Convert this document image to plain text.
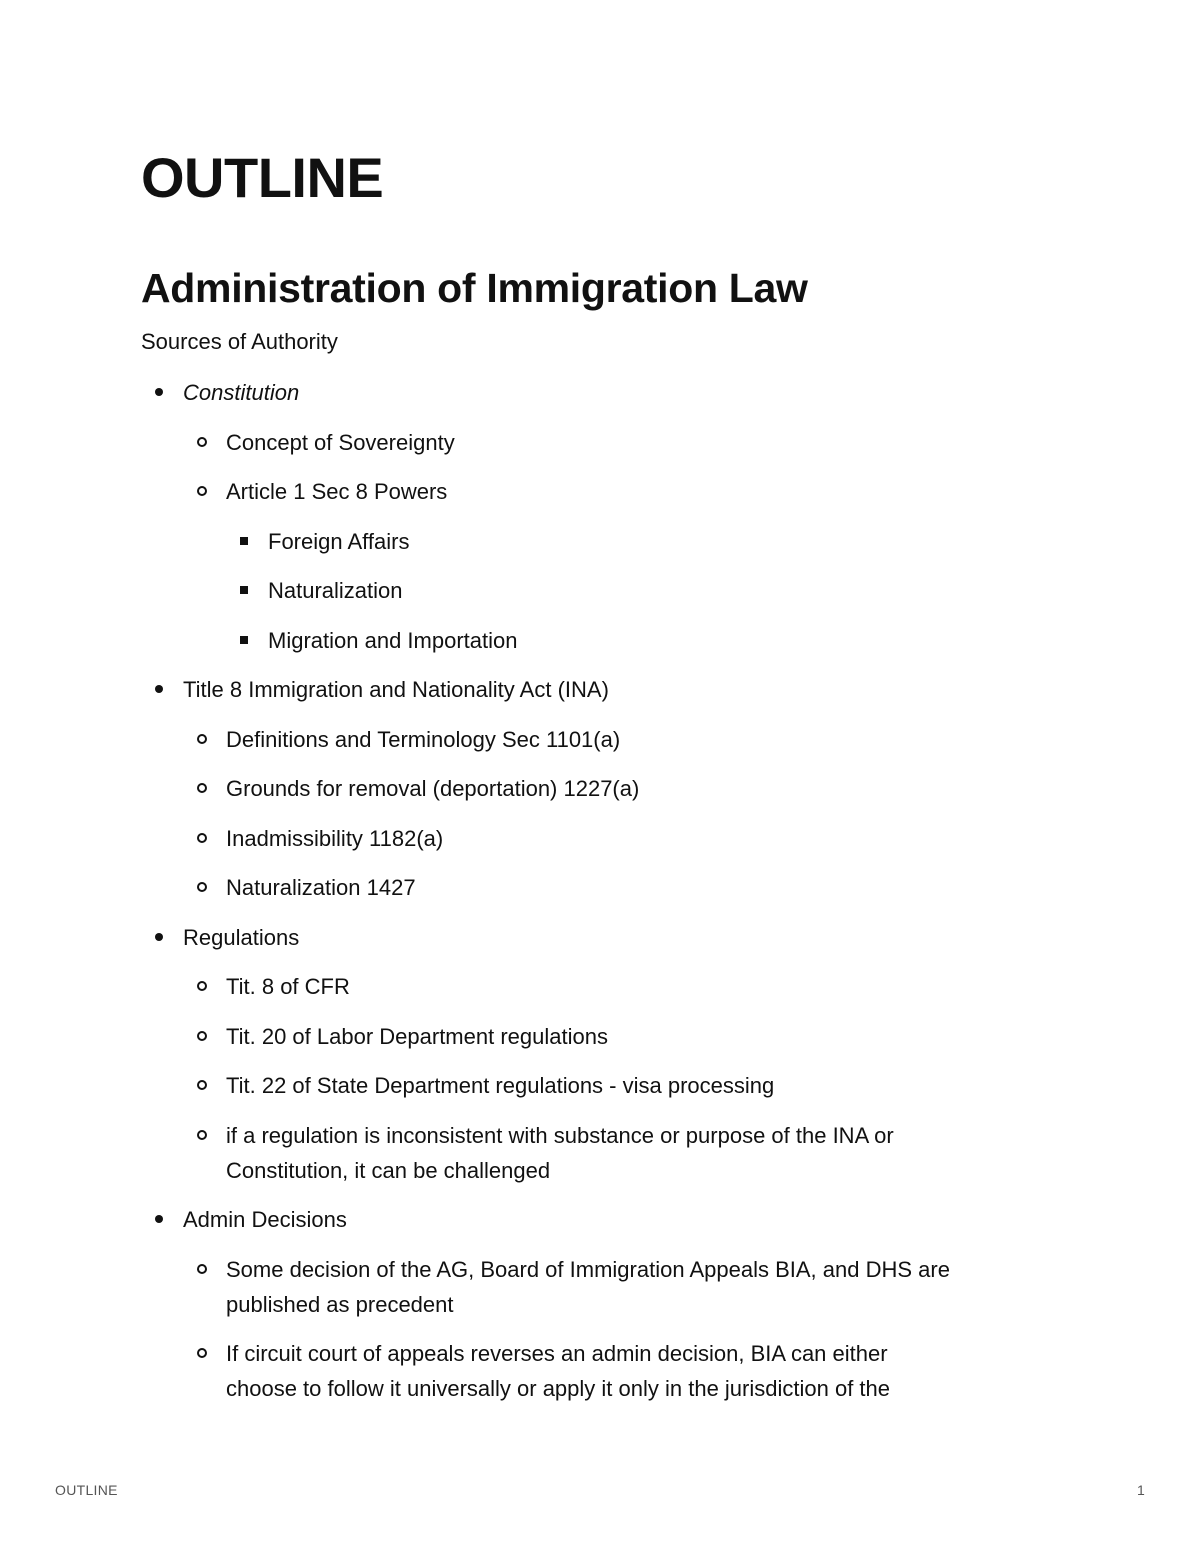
OUTLINE
Administration of Immigration Law

Sources of Authority

Constitution
Concept of Sovereignty
Article 1 Sec 8 Powers
Foreign Affairs
Naturalization
Migration and Importation
Title 8 Immigration and Nationality Act (INA)
Definitions and Terminology Sec 1101(a)
Grounds for removal (deportation) 1227(a)
Inadmissibility 1182(a)
Naturalization 1427
Regulations
Tit. 8 of CFR
Tit. 20 of Labor Department regulations
Tit. 22 of State Department regulations - visa processing
if a regulation is inconsistent with substance or purpose of the INA or
Constitution, it can be challenged
Admin Decisions
Some decision of the AG, Board of Immigration Appeals BIA, and DHS are
published as precedent
If circuit court of appeals reverses an admin decision, BIA can either
choose to follow it universally or apply it only in the jurisdiction of the
OUTLINE	1
